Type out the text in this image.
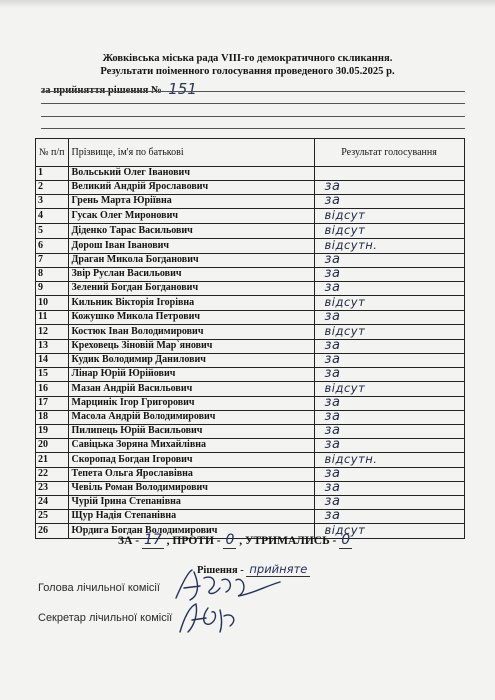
Жовківська міська рада VIII-го демократичного скликання.
Результати поіменного голосування проведеного 30.05.2025 р.
за прийняття рішення № 151
№ п/п	Прізвище, ім'я по батькові	Результат голосування
1	Вольський Олег Іванович	
2	Великий Андрій Ярославович	за
3	Грень Марта Юріївна	за
4	Гусак Олег Миронович	відсут
5	Діденко Тарас Васильович	відсут
6	Дорош Іван Іванович	відсутн.
7	Драган Микола Богданович	за
8	Звір Руслан Васильович	за
9	Зелений Богдан Богданович	за
10	Кильник Вікторія Ігорівна	відсут
11	Кожушко Микола Петрович	за
12	Костюк Іван Володимирович	відсут
13	Креховець Зіновій Мар`янович	за
14	Кудик Володимир Данилович	за
15	Лінар Юрій Юрійович	за
16	Мазан Андрій Васильович	відсут
17	Марцинік Ігор Григорович	за
18	Масола Андрій Володимирович	за
19	Пилипець Юрій Васильович	за
20	Савіцька Зоряна Михайлівна	за
21	Скоропад Богдан Ігорович	відсутн.
22	Тепета Ольга Ярославівна	за
23	Чевіль Роман Володимирович	за
24	Чурій Ірина Степанівна	за
25	Щур Надія Степанівна	за
26	Юрдига Богдан Володимирович	відсут
ЗА - 17 , ПРОТИ - 0 , УТРИМАЛИСЬ - 0
Рішення - прийняте
Голова лічильної комісії
Секретар лічильної комісії
